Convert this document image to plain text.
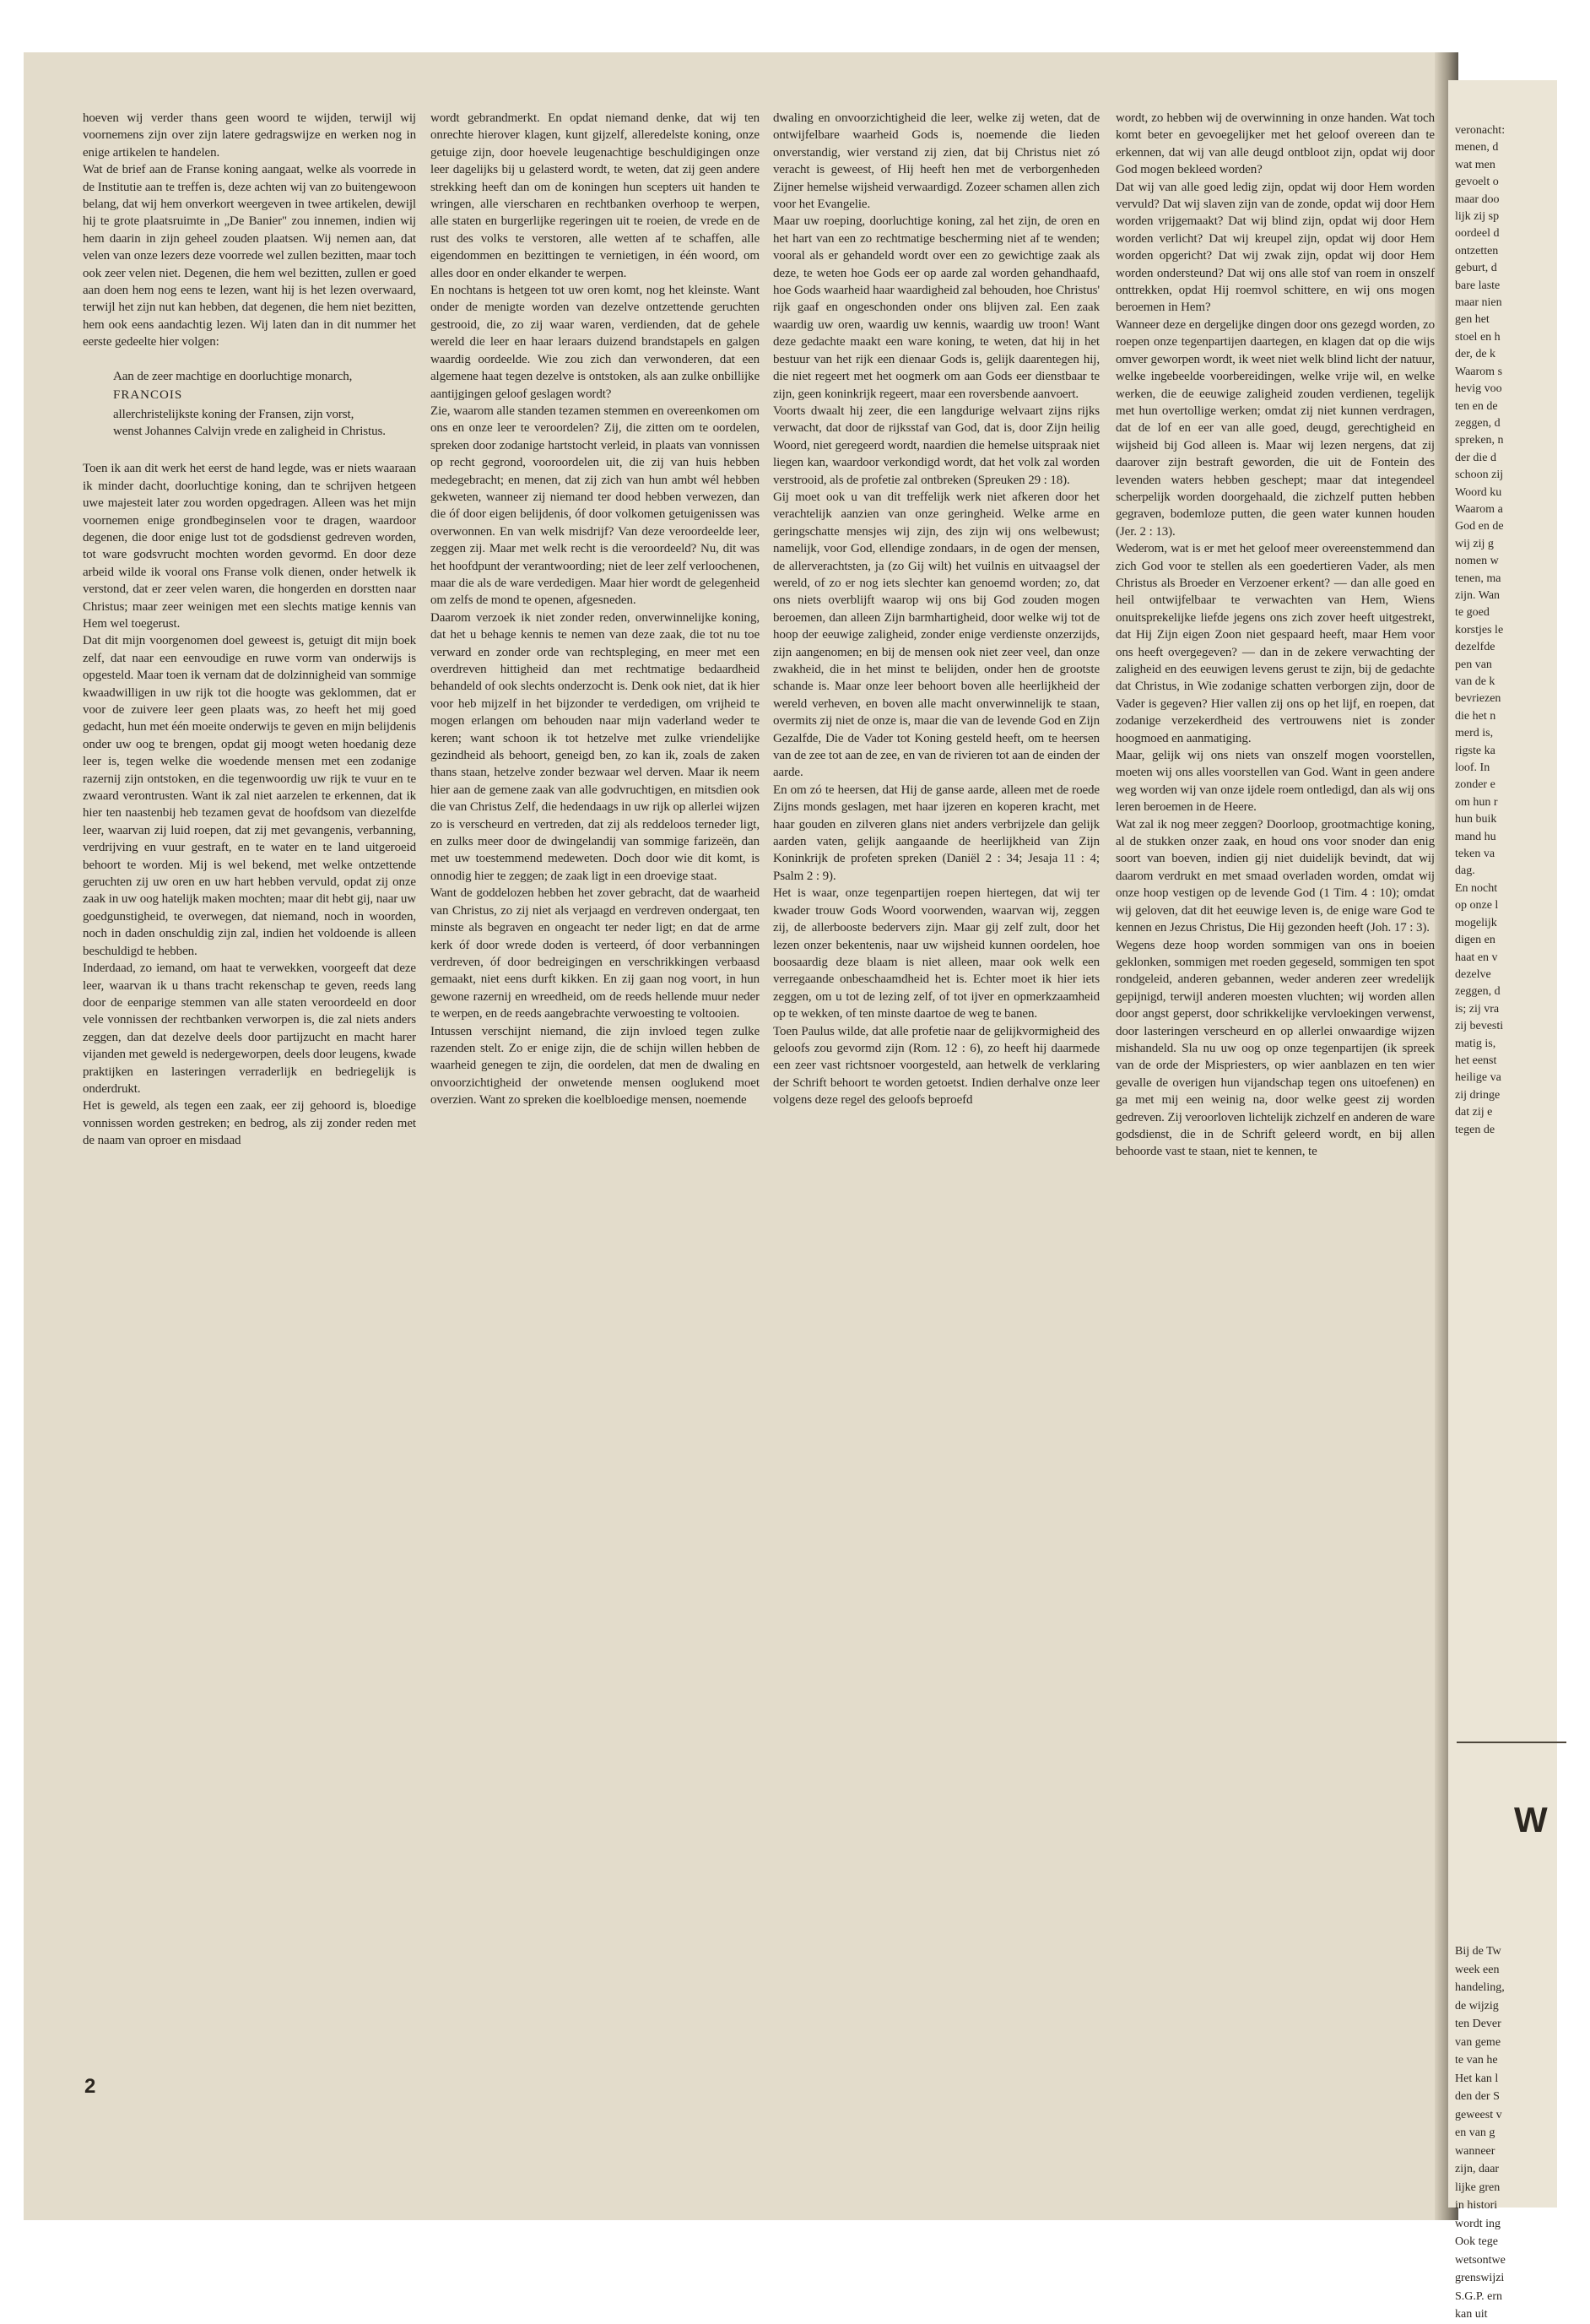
veronacht:
menen, d
wat men
gevoelt o
maar doo
lijk zij sp
oordeel d
ontzetten
geburt, d
bare laste
maar nien
gen het
stoel en h
der, de k
Waarom s
hevig voo
ten en de
zeggen, d
spreken, n
der die d
schoon zij
Woord ku
Waarom a
God en de
wij zij g
nomen w
tenen, ma
zijn. Wan
te goed
korstjes le
dezelfde
pen van
van de k
bevriezen
die het n
merd is,
rigste ka
loof. In
zonder e
om hun r
hun buik
mand hu
teken va
dag.
En nocht
op onze l
mogelijk
digen en
haat en v
dezelve
zeggen, d
is; zij vra
zij bevesti
matig is,
het eenst
heilige va
zij dringe
dat zij e
tegen de
W
Bij de Tw
week een
handeling,
de wijzig
ten Dever
van geme
te van he
Het kan l
den der S
geweest v
en van g
wanneer
zijn, daar
lijke gren
in histori
wordt ing
Ook tege
wetsontwe
grenswijzi
S.G.P. ern
kan uit

hoeven wij verder thans geen woord te wijden, terwijl wij voornemens zijn over zijn latere gedragswijze en werken nog in enige artikelen te handelen.

Wat de brief aan de Franse koning aangaat, welke als voorrede in de Institutie aan te treffen is, deze achten wij van zo buitengewoon belang, dat wij hem onverkort weergeven in twee artikelen, dewijl hij te grote plaatsruimte in „De Banier" zou innemen, indien wij hem daarin in zijn geheel zouden plaatsen. Wij nemen aan, dat velen van onze lezers deze voorrede wel zullen bezitten, maar toch ook zeer velen niet. Degenen, die hem wel bezitten, zullen er goed aan doen hem nog eens te lezen, want hij is het lezen overwaard, terwijl het zijn nut kan hebben, dat degenen, die hem niet bezitten, hem ook eens aandachtig lezen. Wij laten dan in dit nummer het eerste gedeelte hier volgen:

Aan de zeer machtige en doorluchtige monarch,
FRANCOIS
allerchristelijkste koning der Fransen, zijn vorst,
wenst Johannes Calvijn vrede en zaligheid in Christus.

Toen ik aan dit werk het eerst de hand legde, was er niets waaraan ik minder dacht, doorluchtige koning, dan te schrijven hetgeen uwe majesteit later zou worden opgedragen. Alleen was het mijn voornemen enige grondbeginselen voor te dragen, waardoor degenen, die door enige lust tot de godsdienst gedreven worden, tot ware godsvrucht mochten worden gevormd. En door deze arbeid wilde ik vooral ons Franse volk dienen, onder hetwelk ik verstond, dat er zeer velen waren, die hongerden en dorstten naar Christus; maar zeer weinigen met een slechts matige kennis van Hem wel toegerust.

Dat dit mijn voorgenomen doel geweest is, getuigt dit mijn boek zelf, dat naar een eenvoudige en ruwe vorm van onderwijs is opgesteld. Maar toen ik vernam dat de dolzinnigheid van sommige kwaadwilligen in uw rijk tot die hoogte was geklommen, dat er voor de zuivere leer geen plaats was, zo heeft het mij goed gedacht, hun met één moeite onderwijs te geven en mijn belijdenis onder uw oog te brengen, opdat gij moogt weten hoedanig deze leer is, tegen welke die woedende mensen met een zodanige razernij zijn ontstoken, en die tegenwoordig uw rijk te vuur en te zwaard verontrusten. Want ik zal niet aarzelen te erkennen, dat ik hier ten naastenbij heb tezamen gevat de hoofdsom van diezelfde leer, waarvan zij luid roepen, dat zij met gevangenis, verbanning, verdrijving en vuur gestraft, en te water en te land uitgeroeid behoort te worden. Mij is wel bekend, met welke ontzettende geruchten zij uw oren en uw hart hebben vervuld, opdat zij onze zaak in uw oog hatelijk maken mochten; maar dit hebt gij, naar uw goedgunstigheid, te overwegen, dat niemand, noch in woorden, noch in daden onschuldig zijn zal, indien het voldoende is alleen beschuldigd te hebben.

Inderdaad, zo iemand, om haat te verwekken, voorgeeft dat deze leer, waarvan ik u thans tracht rekenschap te geven, reeds lang door de eenparige stemmen van alle staten veroordeeld en door vele vonnissen der rechtbanken verworpen is, die zal niets anders zeggen, dan dat dezelve deels door partijzucht en macht harer vijanden met geweld is nedergeworpen, deels door leugens, kwade praktijken en lasteringen verraderlijk en bedriegelijk is onderdrukt.

Het is geweld, als tegen een zaak, eer zij gehoord is, bloedige vonnissen worden gestreken; en bedrog, als zij zonder reden met de naam van oproer en misdaad

wordt gebrandmerkt. En opdat niemand denke, dat wij ten onrechte hierover klagen, kunt gijzelf, alleredelste koning, onze getuige zijn, door hoevele leugenachtige beschuldigingen onze leer dagelijks bij u gelasterd wordt, te weten, dat zij geen andere strekking heeft dan om de koningen hun scepters uit handen te wringen, alle vierscharen en rechtbanken overhoop te werpen, alle staten en burgerlijke regeringen uit te roeien, de vrede en de rust des volks te verstoren, alle wetten af te schaffen, alle eigendommen en bezittingen te vernietigen, in één woord, om alles door en onder elkander te werpen.

En nochtans is hetgeen tot uw oren komt, nog het kleinste. Want onder de menigte worden van dezelve ontzettende geruchten gestrooid, die, zo zij waar waren, verdienden, dat de gehele wereld die leer en haar leraars duizend brandstapels en galgen waardig oordeelde. Wie zou zich dan verwonderen, dat een algemene haat tegen dezelve is ontstoken, als aan zulke onbillijke aantijgingen geloof geslagen wordt?

Zie, waarom alle standen tezamen stemmen en overeenkomen om ons en onze leer te veroordelen? Zij, die zitten om te oordelen, spreken door zodanige hartstocht verleid, in plaats van vonnissen op recht gegrond, vooroordelen uit, die zij van huis hebben medegebracht; en menen, dat zij zich van hun ambt wél hebben gekweten, wanneer zij niemand ter dood hebben verwezen, dan die óf door eigen belijdenis, óf door volkomen getuigenissen was overwonnen. En van welk misdrijf? Van deze veroordeelde leer, zeggen zij. Maar met welk recht is die veroordeeld? Nu, dit was het hoofdpunt der verantwoording; niet de leer zelf verloochenen, maar die als de ware verdedigen. Maar hier wordt de gelegenheid om zelfs de mond te openen, afgesneden.

Daarom verzoek ik niet zonder reden, onverwinnelijke koning, dat het u behage kennis te nemen van deze zaak, die tot nu toe verward en zonder orde van rechtspleging, en meer met een overdreven hittigheid dan met rechtmatige bedaardheid behandeld of ook slechts onderzocht is. Denk ook niet, dat ik hier voor heb mijzelf in het bijzonder te verdedigen, om vrijheid te mogen erlangen om behouden naar mijn vaderland weder te keren; want schoon ik tot hetzelve met zulke vriendelijke gezindheid als behoort, geneigd ben, zo kan ik, zoals de zaken thans staan, hetzelve zonder bezwaar wel derven. Maar ik neem hier aan de gemene zaak van alle godvruchtigen, en mitsdien ook die van Christus Zelf, die hedendaags in uw rijk op allerlei wijzen zo is verscheurd en vertreden, dat zij als reddeloos terneder ligt, en zulks meer door de dwingelandij van sommige farizeën, dan met uw toestemmend medeweten. Doch door wie dit komt, is onnodig hier te zeggen; de zaak ligt in een droevige staat.

Want de goddelozen hebben het zover gebracht, dat de waarheid van Christus, zo zij niet als verjaagd en verdreven ondergaat, ten minste als begraven en ongeacht ter neder ligt; en dat de arme kerk óf door wrede doden is verteerd, óf door verbanningen verdreven, óf door bedreigingen en verschrikkingen verbaasd gemaakt, niet eens durft kikken. En zij gaan nog voort, in hun gewone razernij en wreedheid, om de reeds hellende muur neder te werpen, en de reeds aangebrachte verwoesting te voltooien.

Intussen verschijnt niemand, die zijn invloed tegen zulke razenden stelt. Zo er enige zijn, die de schijn willen hebben de waarheid genegen te zijn, die oordelen, dat men de dwaling en onvoorzichtigheid der onwetende mensen ooglukend moet overzien. Want zo spreken die koelbloedige mensen, noemende

dwaling en onvoorzichtigheid die leer, welke zij weten, dat de ontwijfelbare waarheid Gods is, noemende die lieden onverstandig, wier verstand zij zien, dat bij Christus niet zó veracht is geweest, of Hij heeft hen met de verborgenheden Zijner hemelse wijsheid verwaardigd. Zozeer schamen allen zich voor het Evangelie.

Maar uw roeping, doorluchtige koning, zal het zijn, de oren en het hart van een zo rechtmatige bescherming niet af te wenden; vooral als er gehandeld wordt over een zo gewichtige zaak als deze, te weten hoe Gods eer op aarde zal worden gehandhaafd, hoe Gods waarheid haar waardigheid zal behouden, hoe Christus' rijk gaaf en ongeschonden onder ons blijven zal. Een zaak waardig uw oren, waardig uw kennis, waardig uw troon! Want deze gedachte maakt een ware koning, te weten, dat hij in het bestuur van het rijk een dienaar Gods is, gelijk daarentegen hij, die niet regeert met het oogmerk om aan Gods eer dienstbaar te zijn, geen koninkrijk regeert, maar een roversbende aanvoert.

Voorts dwaalt hij zeer, die een langdurige welvaart zijns rijks verwacht, dat door de rijksstaf van God, dat is, door Zijn heilig Woord, niet geregeerd wordt, naardien die hemelse uitspraak niet liegen kan, waardoor verkondigd wordt, dat het volk zal worden verstrooid, als de profetie zal ontbreken (Spreuken 29 : 18).

Gij moet ook u van dit treffelijk werk niet afkeren door het verachtelijk aanzien van onze geringheid. Welke arme en geringschatte mensjes wij zijn, des zijn wij ons welbewust; namelijk, voor God, ellendige zondaars, in de ogen der mensen, de allerverachtsten, ja (zo Gij wilt) het vuilnis en uitvaagsel der wereld, of zo er nog iets slechter kan genoemd worden; zo, dat ons niets overblijft waarop wij ons bij God zouden mogen beroemen, dan alleen Zijn barmhartigheid, door welke wij tot de hoop der eeuwige zaligheid, zonder enige verdienste onzerzijds, zijn aangenomen; en bij de mensen ook niet zeer veel, dan onze zwakheid, die in het minst te belijden, onder hen de grootste schande is. Maar onze leer behoort boven alle heerlijkheid der wereld verheven, en boven alle macht onverwinnelijk te staan, overmits zij niet de onze is, maar die van de levende God en Zijn Gezalfde, Die de Vader tot Koning gesteld heeft, om te heersen van de zee tot aan de zee, en van de rivieren tot aan de einden der aarde.

En om zó te heersen, dat Hij de ganse aarde, alleen met de roede Zijns monds geslagen, met haar ijzeren en koperen kracht, met haar gouden en zilveren glans niet anders verbrijzele dan gelijk aarden vaten, gelijk aangaande de heerlijkheid van Zijn Koninkrijk de profeten spreken (Daniël 2 : 34; Jesaja 11 : 4; Psalm 2 : 9).

Het is waar, onze tegenpartijen roepen hiertegen, dat wij ter kwader trouw Gods Woord voorwenden, waarvan wij, zeggen zij, de allerbooste bedervers zijn. Maar gij zelf zult, door het lezen onzer bekentenis, naar uw wijsheid kunnen oordelen, hoe boosaardig deze blaam is niet alleen, maar ook welk een verregaande onbeschaamdheid het is. Echter moet ik hier iets zeggen, om u tot de lezing zelf, of tot ijver en opmerkzaamheid op te wekken, of ten minste daartoe de weg te banen.

Toen Paulus wilde, dat alle profetie naar de gelijkvormigheid des geloofs zou gevormd zijn (Rom. 12 : 6), zo heeft hij daarmede een zeer vast richtsnoer voorgesteld, aan hetwelk de verklaring der Schrift behoort te worden getoetst. Indien derhalve onze leer volgens deze regel des geloofs beproefd

wordt, zo hebben wij de overwinning in onze handen. Wat toch komt beter en gevoegelijker met het geloof overeen dan te erkennen, dat wij van alle deugd ontbloot zijn, opdat wij door God mogen bekleed worden?

Dat wij van alle goed ledig zijn, opdat wij door Hem worden vervuld? Dat wij slaven zijn van de zonde, opdat wij door Hem worden vrijgemaakt? Dat wij blind zijn, opdat wij door Hem worden verlicht? Dat wij kreupel zijn, opdat wij door Hem worden opgericht? Dat wij zwak zijn, opdat wij door Hem worden ondersteund? Dat wij ons alle stof van roem in onszelf onttrekken, opdat Hij roemvol schittere, en wij ons mogen beroemen in Hem?

Wanneer deze en dergelijke dingen door ons gezegd worden, zo roepen onze tegenpartijen daartegen, en klagen dat op die wijs omver geworpen wordt, ik weet niet welk blind licht der natuur, welke ingebeelde voorbereidingen, welke vrije wil, en welke werken, die de eeuwige zaligheid zouden verdienen, tegelijk met hun overtollige werken; omdat zij niet kunnen verdragen, dat de lof en eer van alle goed, deugd, gerechtigheid en wijsheid bij God alleen is. Maar wij lezen nergens, dat zij daarover zijn bestraft geworden, die uit de Fontein des levenden waters hebben geschept; maar dat integendeel scherpelijk worden doorgehaald, die zichzelf putten hebben gegraven, bodemloze putten, die geen water kunnen houden (Jer. 2 : 13).

Wederom, wat is er met het geloof meer overeenstemmend dan zich God voor te stellen als een goedertieren Vader, als men Christus als Broeder en Verzoener erkent? — dan alle goed en heil ontwijfelbaar te verwachten van Hem, Wiens onuitsprekelijke liefde jegens ons zich zover heeft uitgestrekt, dat Hij Zijn eigen Zoon niet gespaard heeft, maar Hem voor ons heeft overgegeven? — dan in de zekere verwachting der zaligheid en des eeuwigen levens gerust te zijn, bij de gedachte dat Christus, in Wie zodanige schatten verborgen zijn, door de Vader is gegeven? Hier vallen zij ons op het lijf, en roepen, dat zodanige verzekerdheid des vertrouwens niet is zonder hoogmoed en aanmatiging.

Maar, gelijk wij ons niets van onszelf mogen voorstellen, moeten wij ons alles voorstellen van God. Want in geen andere weg worden wij van onze ijdele roem ontledigd, dan als wij ons leren beroemen in de Heere.

Wat zal ik nog meer zeggen? Doorloop, grootmachtige koning, al de stukken onzer zaak, en houd ons voor snoder dan enig soort van boeven, indien gij niet duidelijk bevindt, dat wij daarom verdrukt en met smaad overladen worden, omdat wij onze hoop vestigen op de levende God (1 Tim. 4 : 10); omdat wij geloven, dat dit het eeuwige leven is, de enige ware God te kennen en Jezus Christus, Die Hij gezonden heeft (Joh. 17 : 3).

Wegens deze hoop worden sommigen van ons in boeien geklonken, sommigen met roeden gegeseld, sommigen ten spot rondgeleid, anderen gebannen, weder anderen zeer wredelijk gepijnigd, terwijl anderen moesten vluchten; wij worden allen door angst geperst, door schrikkelijke vervloekingen verwenst, door lasteringen verscheurd en op allerlei onwaardige wijzen mishandeld. Sla nu uw oog op onze tegenpartijen (ik spreek van de orde der Mispriesters, op wier aanblazen en ten wier gevalle de overigen hun vijandschap tegen ons uitoefenen) en ga met mij een weinig na, door welke geest zij worden gedreven. Zij veroorloven lichtelijk zichzelf en anderen de ware godsdienst, die in de Schrift geleerd wordt, en bij allen behoorde vast te staan, niet te kennen, te

2
